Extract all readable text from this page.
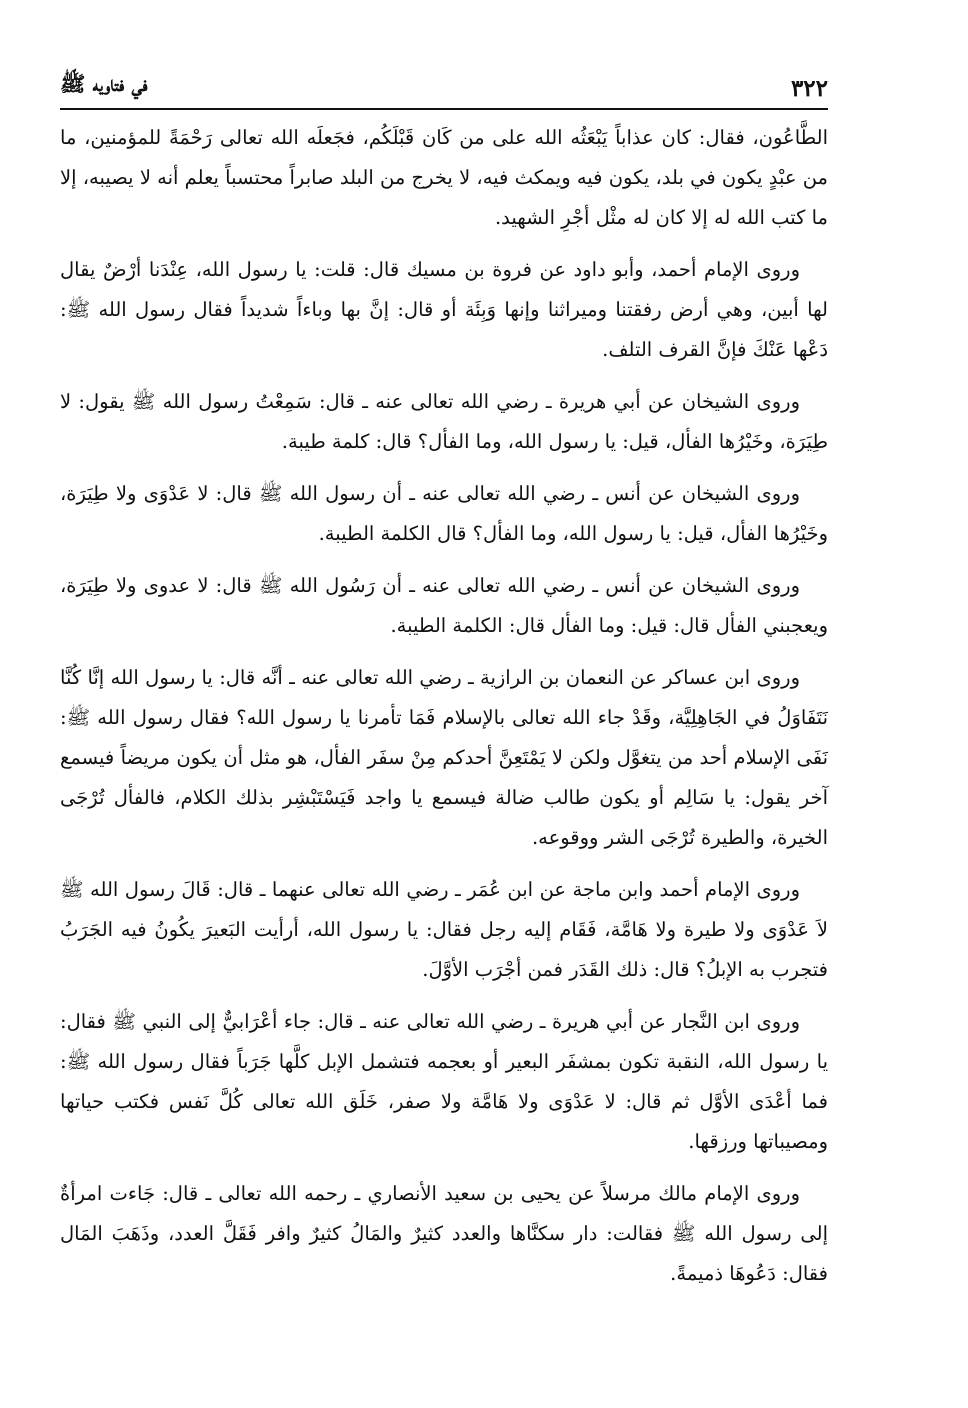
٣٢٢
في فتاويه ﷺ

الطَّاعُون، فقال: كان عذاباً يَبْعَثُه الله على من كَان قَبْلَكُم، فجَعلَه الله تعالى رَحْمَةً للمؤمنين، ما من عبْدٍ يكون في بلد، يكون فيه ويمكث فيه، لا يخرج من البلد صابراً محتسباً يعلم أنه لا يصيبه، إلا ما كتب الله له إلا كان له مثْل أجْرِ الشهيد.

وروى الإمام أحمد، وأبو داود عن فروة بن مسيك قال: قلت: يا رسول الله، عِنْدَنا أرْضٌ يقال لها أبين، وهي أرض رفقتنا وميراثنا وإنها وَبِئَة أو قال: إنَّ بها وباءاً شديداً فقال رسول الله ﷺ: دَعْها عَنْكَ فإنَّ القرف التلف.

وروى الشيخان عن أبي هريرة ـ رضي الله تعالى عنه ـ قال: سَمِعْتُ رسول الله ﷺ يقول: لا طِيَرَة، وخَيْرُها الفأل، قيل: يا رسول الله، وما الفأل؟ قال: كلمة طيبة.

وروى الشيخان عن أنس ـ رضي الله تعالى عنه ـ أن رسول الله ﷺ قال: لا عَدْوَى ولا طِيَرَة، وخَيْرُها الفأل، قيل: يا رسول الله، وما الفأل؟ قال الكلمة الطيبة.

وروى الشيخان عن أنس ـ رضي الله تعالى عنه ـ أن رَسُول الله ﷺ قال: لا عدوى ولا طِيَرَة، ويعجبني الفأل قال: قيل: وما الفأل قال: الكلمة الطيبة.

وروى ابن عساكر عن النعمان بن الرازية ـ رضي الله تعالى عنه ـ أنَّه قال: يا رسول الله إنَّا كُنَّا نَتَفَاوَلُ في الجَاهِلِيَّة، وقَدْ جاء الله تعالى بالإسلام فَمَا تأمرنا يا رسول الله؟ فقال رسول الله ﷺ: نَفَى الإسلام أحد من يتغوَّل ولكن لا يَمْتَعِنَّ أحدكم مِنْ سفَر الفأل، هو مثل أن يكون مريضاً فيسمع آخر يقول: يا سَالِم أو يكون طالب ضالة فيسمع يا واجد فَيَسْتَبْشِر بذلك الكلام، فالفأل تُرْجَى الخيرة، والطيرة تُرْجَى الشر ووقوعه.

وروى الإمام أحمد وابن ماجة عن ابن عُمَر ـ رضي الله تعالى عنهما ـ قال: قَالَ رسول الله ﷺ لاَ عَدْوَى ولا طيرة ولا هَامَّة، فَقَام إليه رجل فقال: يا رسول الله، أرأيت البَعيرَ يكُونُ فيه الجَرَبُ فتجرب به الإبلُ؟ قال: ذلك القَدَر فمن أجْرَب الأوَّلَ.

وروى ابن النَّجار عن أبي هريرة ـ رضي الله تعالى عنه ـ قال: جاء أعْرَابيٌّ إلى النبي ﷺ فقال: يا رسول الله، النقبة تكون بمشفَر البعير أو بعجمه فتشمل الإبل كلَّها جَرَباً فقال رسول الله ﷺ: فما أعْدَى الأوَّل ثم قال: لا عَدْوَى ولا هَامَّة ولا صفر، خَلَق الله تعالى كُلَّ نَفس فكتب حياتها ومصيباتها ورزقها.

وروى الإمام مالك مرسلاً عن يحيى بن سعيد الأنصاري ـ رحمه الله تعالى ـ قال: جَاءت امرأةٌ إلى رسول الله ﷺ فقالت: دار سكنَّاها والعدد كثيرٌ والمَالُ كثيرٌ وافر فَقَلَّ العدد، وذَهَبَ المَال فقال: دَعُوهَا ذميمةً.
